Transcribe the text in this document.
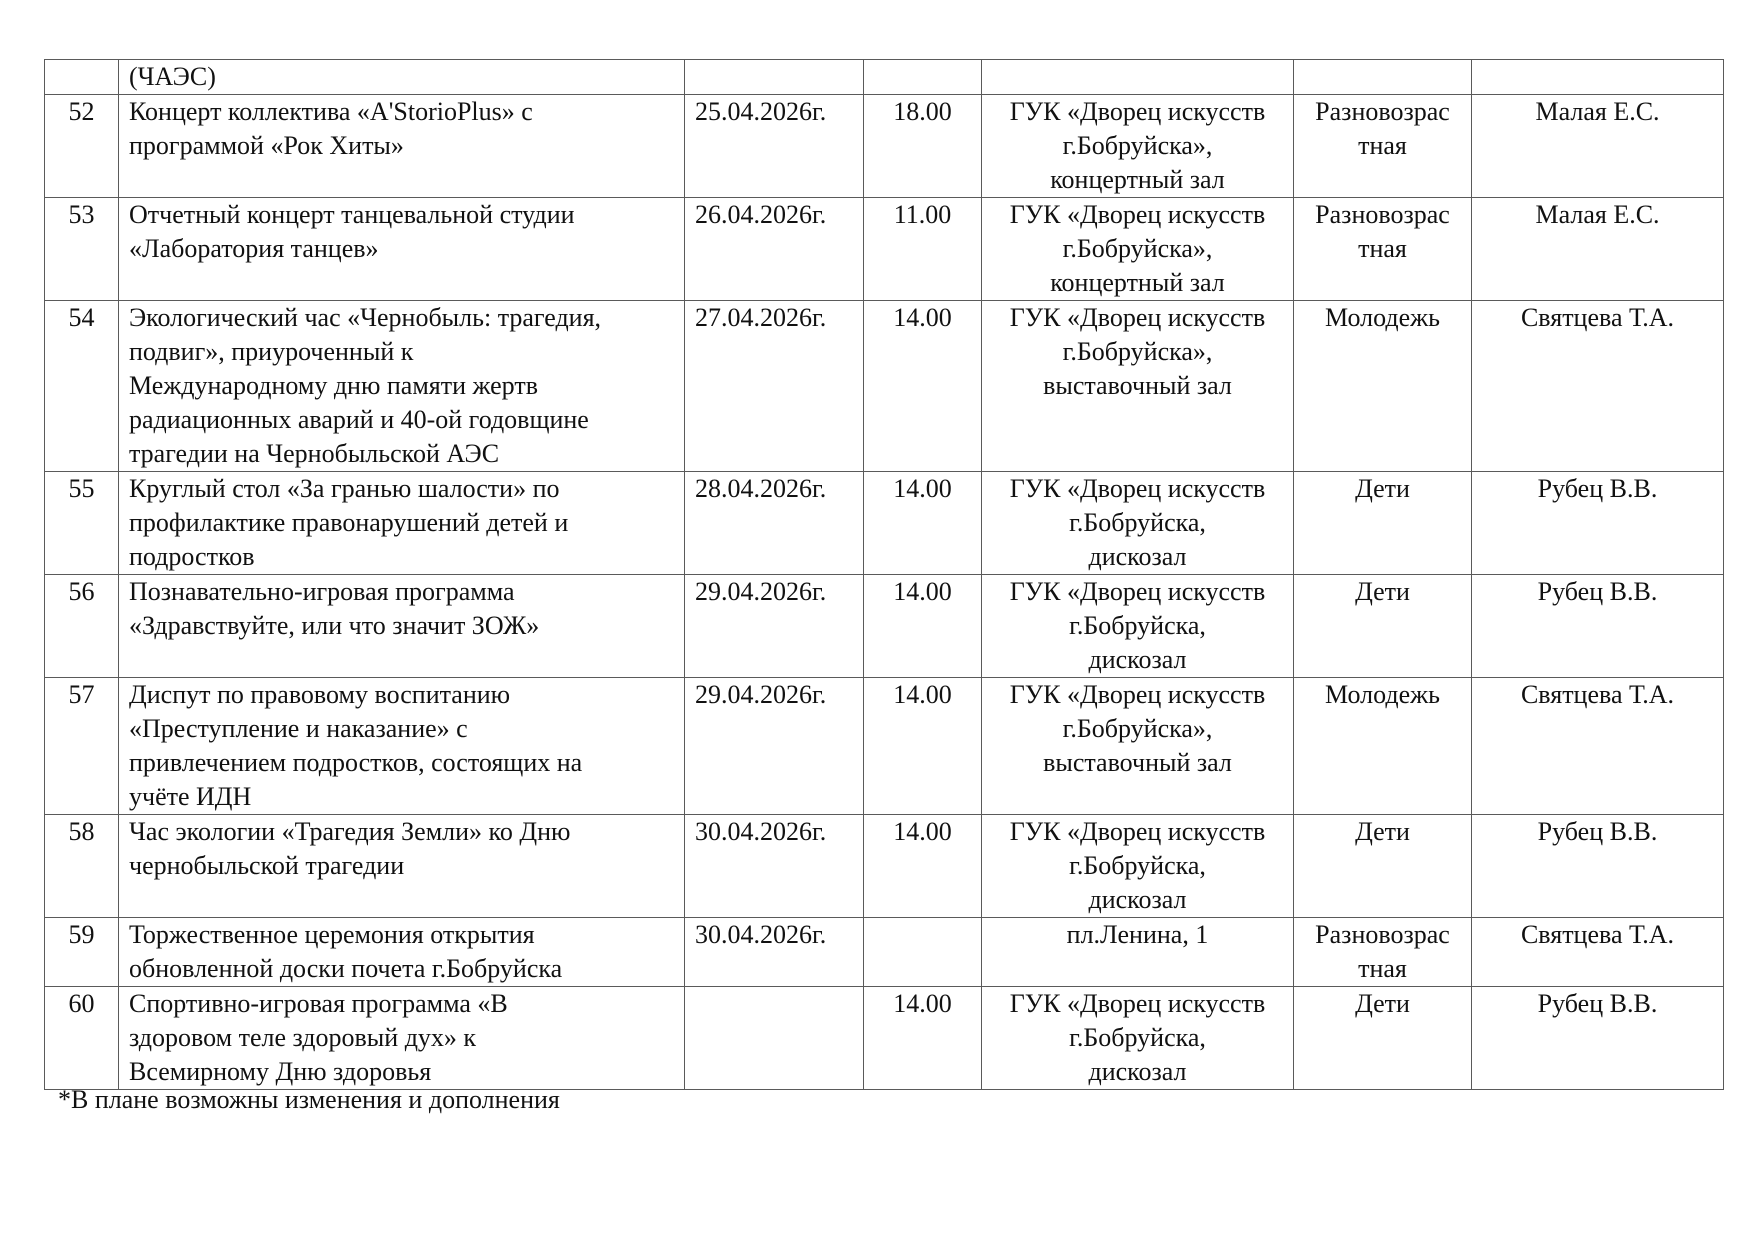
	(ЧАЭС)					
52	Концерт коллектива «A'StorioPlus» с
программой «Рок Хиты»	25.04.2026г.	18.00	ГУК «Дворец искусств
г.Бобруйска»,
концертный зал	Разновозрас
тная	Малая Е.С.
53	Отчетный концерт танцевальной студии
«Лаборатория танцев»	26.04.2026г.	11.00	ГУК «Дворец искусств
г.Бобруйска»,
концертный зал	Разновозрас
тная	Малая Е.С.
54	Экологический час «Чернобыль: трагедия,
подвиг», приуроченный к
Международному дню памяти жертв
радиационных аварий и 40-ой годовщине
трагедии на Чернобыльской АЭС	27.04.2026г.	14.00	ГУК «Дворец искусств
г.Бобруйска»,
выставочный зал	Молодежь	Святцева Т.А.
55	Круглый стол «За гранью шалости» по
профилактике правонарушений детей и
подростков	28.04.2026г.	14.00	ГУК «Дворец искусств
г.Бобруйска,
дискозал	Дети	Рубец В.В.
56	Познавательно-игровая программа
«Здравствуйте, или что значит ЗОЖ»	29.04.2026г.	14.00	ГУК «Дворец искусств
г.Бобруйска,
дискозал	Дети	Рубец В.В.
57	Диспут по правовому воспитанию
«Преступление и наказание» с
привлечением подростков, состоящих на
учёте ИДН	29.04.2026г.	14.00	ГУК «Дворец искусств
г.Бобруйска»,
выставочный зал	Молодежь	Святцева Т.А.
58	Час экологии «Трагедия Земли» ко Дню
чернобыльской трагедии	30.04.2026г.	14.00	ГУК «Дворец искусств
г.Бобруйска,
дискозал	Дети	Рубец В.В.
59	Торжественное церемония открытия
обновленной доски почета г.Бобруйска	30.04.2026г.		пл.Ленина, 1	Разновозрас
тная	Святцева Т.А.
60	Спортивно-игровая программа «В
здоровом теле здоровый дух» к
Всемирному Дню здоровья		14.00	ГУК «Дворец искусств
г.Бобруйска,
дискозал	Дети	Рубец В.В.
*В плане возможны изменения и дополнения
